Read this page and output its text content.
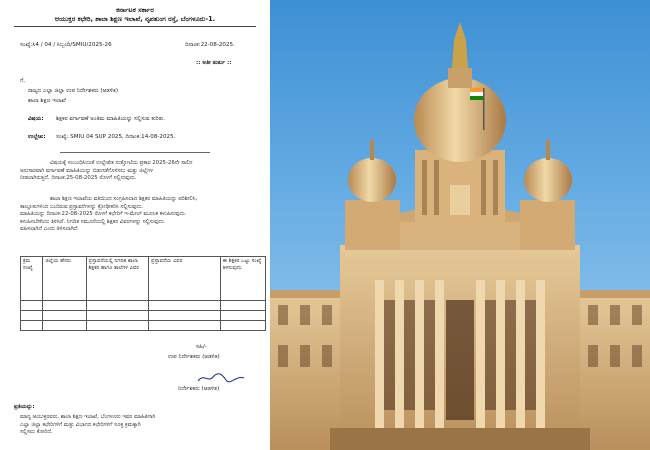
ಕರ್ನಾಟಕ ಸರ್ಕಾರ
ಆಯುಕ್ತರ ಕಛೇರಿ, ಶಾಲಾ ಶಿಕ್ಷಣ ಇಲಾಖೆ, ನೃಪತುಂಗ ರಸ್ತೆ, ಬೆಂಗಳೂರು-1.
ಸಂಖ್ಯೆ:ಸಿ4 / 04 / ಸಿಬ್ಬಂದಿ/SMIU/2025-26	ದಿನಾಂಕ:22-08-2025.
:: ಅತೀ ತುರ್ತು ::
ಗೆ,
ರಾಜ್ಯದ ಎಲ್ಲಾ ಜಿಲ್ಲಾ ಉಪ ನಿರ್ದೇಶಕರು (ಆಡಳಿತ)
ಶಾಲಾ ಶಿಕ್ಷಣ ಇಲಾಖೆ
ವಿಷಯ: ಶಿಕ್ಷಕರ ವರ್ಗಾವಣೆ ಅಂತಿಮ ಮಾಹಿತಿಯನ್ನು ಸಲ್ಲಿಸುವ ಕುರಿತು.
ಉಲ್ಲೇಖ: ಸಂಖ್ಯೆ: SMIU 04 SUP 2025, ದಿನಾಂಕ:14-08-2025.
ವಿಷಯಕ್ಕೆ ಸಂಬಂಧಿಸಿದಂತೆ ಉಲ್ಲೇಖಿತ ಸುತ್ತೋಲೆಯ ಪ್ರಕಾರ 2025-26ನೇ ಸಾಲಿನ
ಅನುಸಾರವಾಗಿ ವರ್ಗಾವಣೆ ಮಾಹಿತಿಯನ್ನು ಬಿಡುಗಡೆಗೊಳಿಸಲು ಮತ್ತು ಜಿಲ್ಲೆಗಳ
ನೀಡಲಾಗಿರುತ್ತದೆ. ದಿನಾಂಕ:25-08-2025 ರೊಳಗೆ ಸಲ್ಲಿಸುವುದು.
ಶಾಲಾ ಶಿಕ್ಷಣ ಇಲಾಖೆಯ ವತಿಯಿಂದ ಸಂಗ್ರಹಿಸಲಾದ ಶಿಕ್ಷಕರ ಮಾಹಿತಿಯನ್ನು ಪರಿಶೀಲಿಸಿ,
ತಾಲ್ಲೂಕುಗಳಿಂದ ಬಂದಿರುವ ಪ್ರಸ್ತಾವನೆಗಳನ್ನು ಕ್ರೋಢೀಕರಿಸಿ ಸಲ್ಲಿಸುವುದು.
ಮಾಹಿತಿಯನ್ನು ದಿನಾಂಕ:22-08-2025 ರೊಳಗೆ ಕಛೇರಿಗೆ ಇ-ಮೇಲ್ ಮೂಲಕ ಕಳುಹಿಸುವುದು.
ಕಳುಹಿಸಬೇಕೆಂದು ತಿಳಿಸಿದೆ. ನಿಗದಿತ ನಮೂನೆಯಲ್ಲಿ ಶಿಕ್ಷಕರ ವಿವರಗಳನ್ನು ಸಲ್ಲಿಸುವುದು.
ವಹಿಸಲಾಗಿದೆ ಎಂದು ತಿಳಿಸಲಾಗಿದೆ.
ಕ್ರಮ ಸಂಖ್ಯೆ	ಜಿಲ್ಲೆಯ ಹೆಸರು	ಪ್ರಸ್ತಾವನೆಯಲ್ಲಿ ನಿಗದಿತ ಶಾಲಾ ಶಿಕ್ಷಕರ ಹಾಗೂ ಶಾಲೆಗಳ ವಿವರ	ಪ್ರಸ್ತಾವನೆಯ ವಿವರ	ಈ ಶಿಕ್ಷಕರ ಒಟ್ಟು ಸಂಖ್ಯೆ ತಿಳಿಸುವುದು

ಸಹಿ/-
ಉಪ ನಿರ್ದೇಶಕರು (ಆಡಳಿತ)
ನಿರ್ದೇಶಕರು (ಆಡಳಿತ)
ಪ್ರತಿಯನ್ನು:
ಮಾನ್ಯ ಆಯುಕ್ತರವರು, ಶಾಲಾ ಶಿಕ್ಷಣ ಇಲಾಖೆ, ಬೆಂಗಳೂರು ಇವರ ಮಾಹಿತಿಗಾಗಿ
ಎಲ್ಲಾ ಜಿಲ್ಲಾ ಕಛೇರಿಗಳಿಗೆ ಮತ್ತು ವಿಭಾಗದ ಕಛೇರಿಗಳಿಗೆ ಸೂಕ್ತ ಕ್ರಮಕ್ಕಾಗಿ
ಸಲ್ಲಿಸಲು ಕೋರಿದೆ.
